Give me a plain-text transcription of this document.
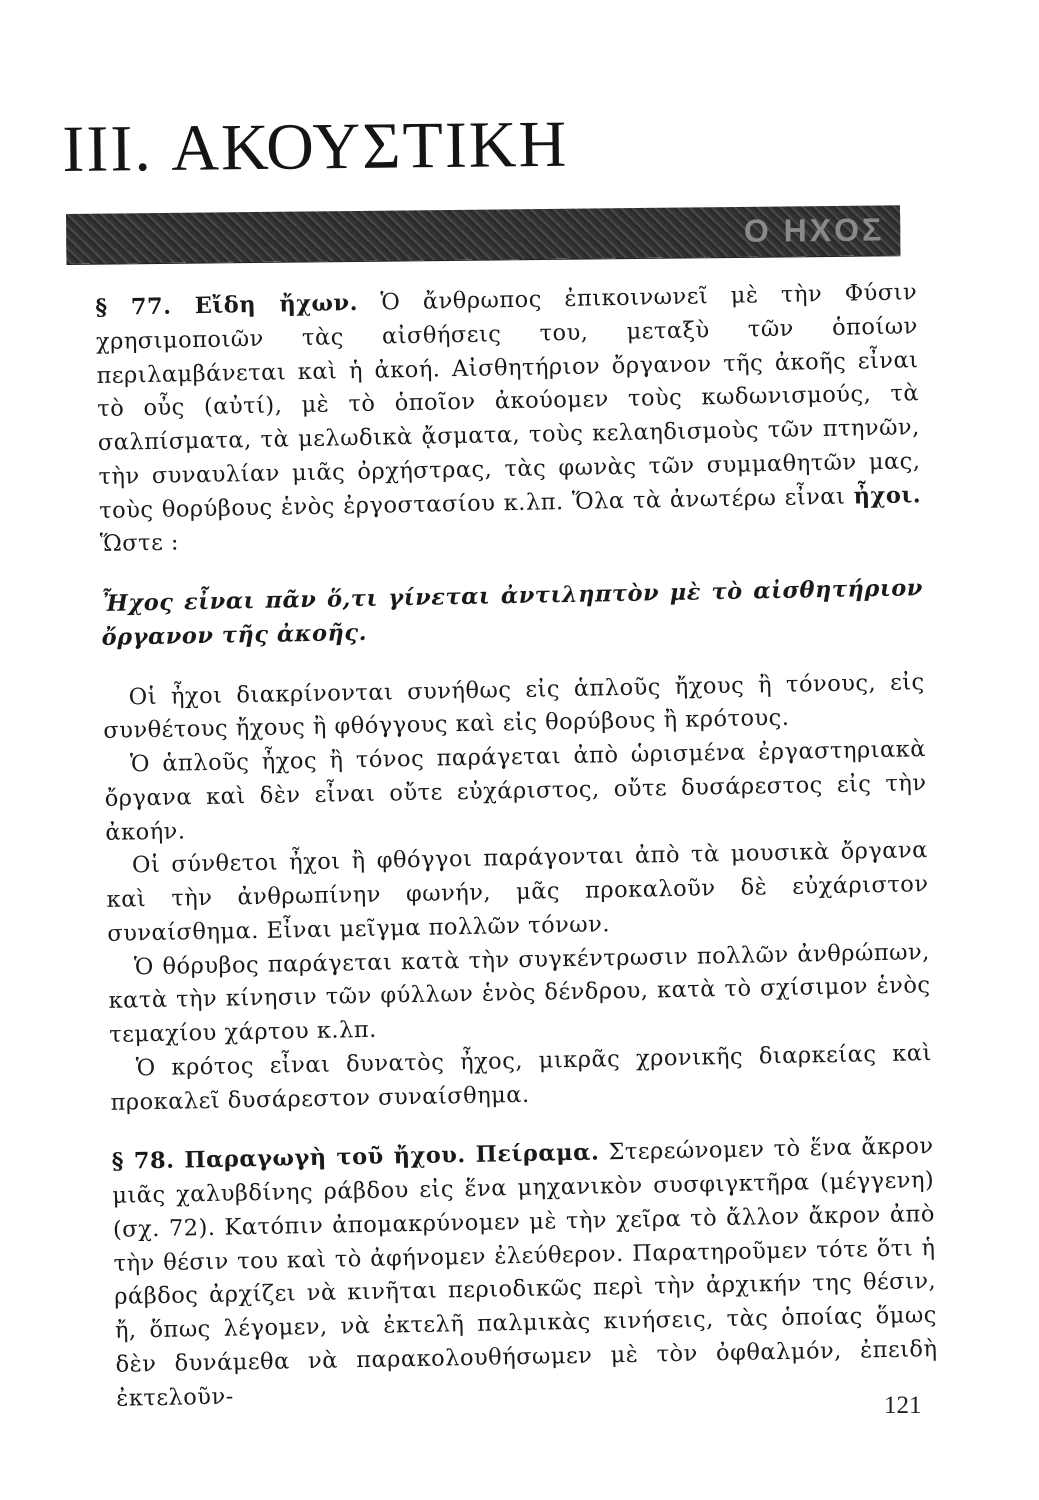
III. ΑΚΟΥΣΤΙΚΗ
Ο ΗΧΟΣ

§ 77. Εἴδη ἤχων. Ὁ ἄνθρωπος ἐπικοινωνεῖ μὲ τὴν Φύσιν χρησιμοποιῶν τὰς αἰσθήσεις του, μεταξὺ τῶν ὁποίων περιλαμβάνεται καὶ ἡ ἀκοή. Αἰσθητήριον ὄργανον τῆς ἀκοῆς εἶναι τὸ οὖς (αὐτί), μὲ τὸ ὁποῖον ἀκούομεν τοὺς κωδωνισμούς, τὰ σαλπίσματα, τὰ μελωδικὰ ᾄσματα, τοὺς κελαηδισμοὺς τῶν πτηνῶν, τὴν συναυλίαν μιᾶς ὀρχήστρας, τὰς φωνὰς τῶν συμμαθητῶν μας, τοὺς θορύβους ἑνὸς ἐργοστασίου κ.λπ. Ὅλα τὰ ἀνωτέρω εἶναι ἦχοι. Ὥστε :

Ἦχος εἶναι πᾶν ὅ,τι γίνεται ἀντιληπτὸν μὲ τὸ αἰσθητήριον ὄργανον τῆς ἀκοῆς.

Οἱ ἦχοι διακρίνονται συνήθως εἰς ἁπλοῦς ἤχους ἢ τόνους, εἰς συνθέτους ἤχους ἢ φθόγγους καὶ εἰς θορύβους ἢ κρότους.

Ὁ ἁπλοῦς ἦχος ἢ τόνος παράγεται ἀπὸ ὡρισμένα ἐργαστηριακὰ ὄργανα καὶ δὲν εἶναι οὔτε εὐχάριστος, οὔτε δυσάρεστος εἰς τὴν ἀκοήν.

Οἱ σύνθετοι ἦχοι ἢ φθόγγοι παράγονται ἀπὸ τὰ μουσικὰ ὄργανα καὶ τὴν ἀνθρωπίνην φωνήν, μᾶς προκαλοῦν δὲ εὐχάριστον συναίσθημα. Εἶναι μεῖγμα πολλῶν τόνων.

Ὁ θόρυβος παράγεται κατὰ τὴν συγκέντρωσιν πολλῶν ἀνθρώπων, κατὰ τὴν κίνησιν τῶν φύλλων ἑνὸς δένδρου, κατὰ τὸ σχίσιμον ἑνὸς τεμαχίου χάρτου κ.λπ.

Ὁ κρότος εἶναι δυνατὸς ἦχος, μικρᾶς χρονικῆς διαρκείας καὶ προκαλεῖ δυσάρεστον συναίσθημα.

§ 78. Παραγωγὴ τοῦ ἤχου. Πείραμα. Στερεώνομεν τὸ ἕνα ἄκρον μιᾶς χαλυβδίνης ράβδου εἰς ἕνα μηχανικὸν συσφιγκτῆρα (μέγγενη) (σχ. 72). Κατόπιν ἀπομακρύνομεν μὲ τὴν χεῖρα τὸ ἄλλον ἄκρον ἀπὸ τὴν θέσιν του καὶ τὸ ἀφήνομεν ἐλεύθερον. Παρατηροῦμεν τότε ὅτι ἡ ράβδος ἀρχίζει νὰ κινῆται περιοδικῶς περὶ τὴν ἀρχικήν της θέσιν, ἤ, ὅπως λέγομεν, νὰ ἐκτελῆ παλμικὰς κινήσεις, τὰς ὁποίας ὅμως δὲν δυνάμεθα νὰ παρακολουθήσωμεν μὲ τὸν ὀφθαλμόν, ἐπειδὴ ἐκτελοῦν-	121
